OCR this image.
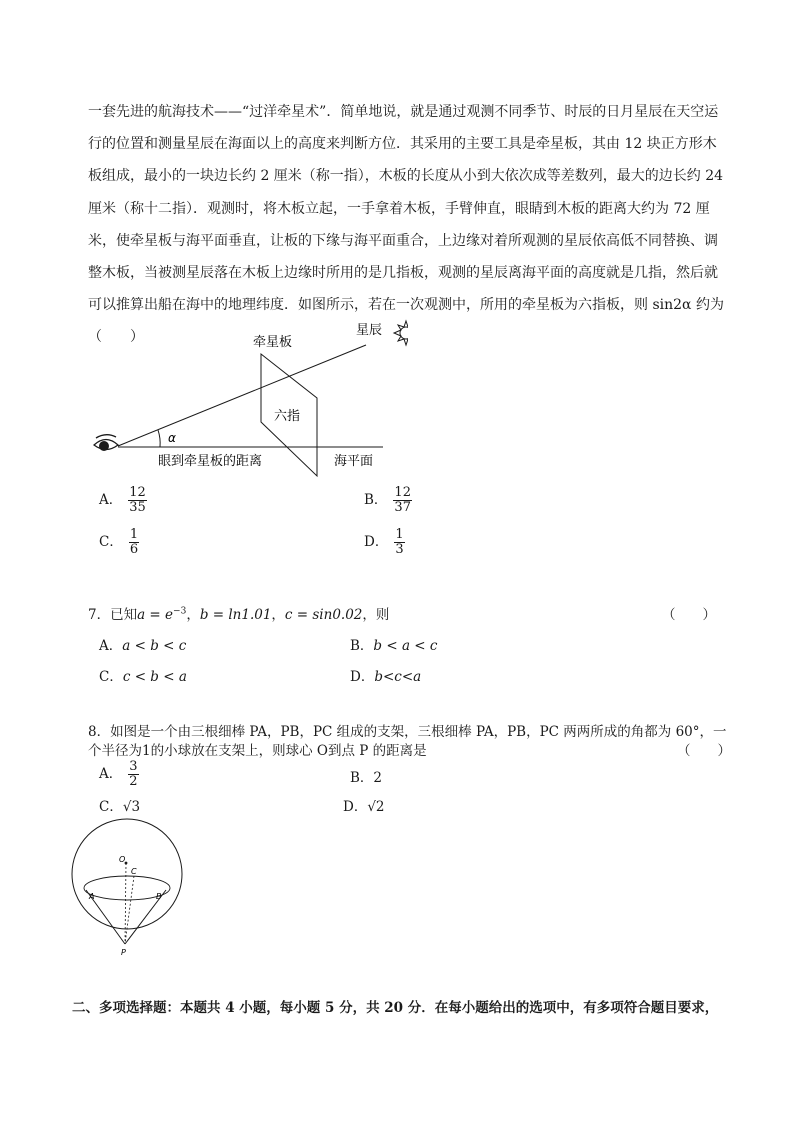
一套先进的航海技术——“过洋牵星术”．简单地说，就是通过观测不同季节、时辰的日月星辰在天空运行的位置和测量星辰在海面以上的高度来判断方位．其采用的主要工具是牵星板，其由 12 块正方形木板组成，最小的一块边长约 2 厘米（称一指），木板的长度从小到大依次成等差数列，最大的边长约 24 厘米（称十二指）．观测时，将木板立起，一手拿着木板，手臂伸直，眼睛到木板的距离大约为 72 厘米，使牵星板与海平面垂直，让板的下缘与海平面重合，上边缘对着所观测的星辰依高低不同替换、调整木板，当被测星辰落在木板上边缘时所用的是几指板，观测的星辰离海平面的高度就是几指，然后就可以推算出船在海中的地理纬度．如图所示，若在一次观测中，所用的牵星板为六指板，则 sin2α 约为（　　）	牵星板
星辰
六指
α
眼到牵星板的距离	海平面
A． $\frac{12}{35}$	B． $\frac{12}{37}$
C． $\frac{1}{6}$	D． $\frac{1}{3}$
7．已知$a = e^{-3}$，b = ln1.01，c = sin0.02，则	（　　）
A．a < b < c	B．b < a < c
C．c < b < a	D．b<c<a
8．如图是一个由三根细棒 PA，PB，PC 组成的支架，三根细棒 PA，PB，PC 两两所成的角都为 60°，一
个半径为1的小球放在支架上，则球心 O到点 P 的距离是	（　　）
A． $\frac{3}{2}$	B．2
C．√3	D．√2
O
C
A	B
P
二、多项选择题：本题共 4 小题，每小题 5 分，共 20 分．在每小题给出的选项中，有多项符合题目要求，
